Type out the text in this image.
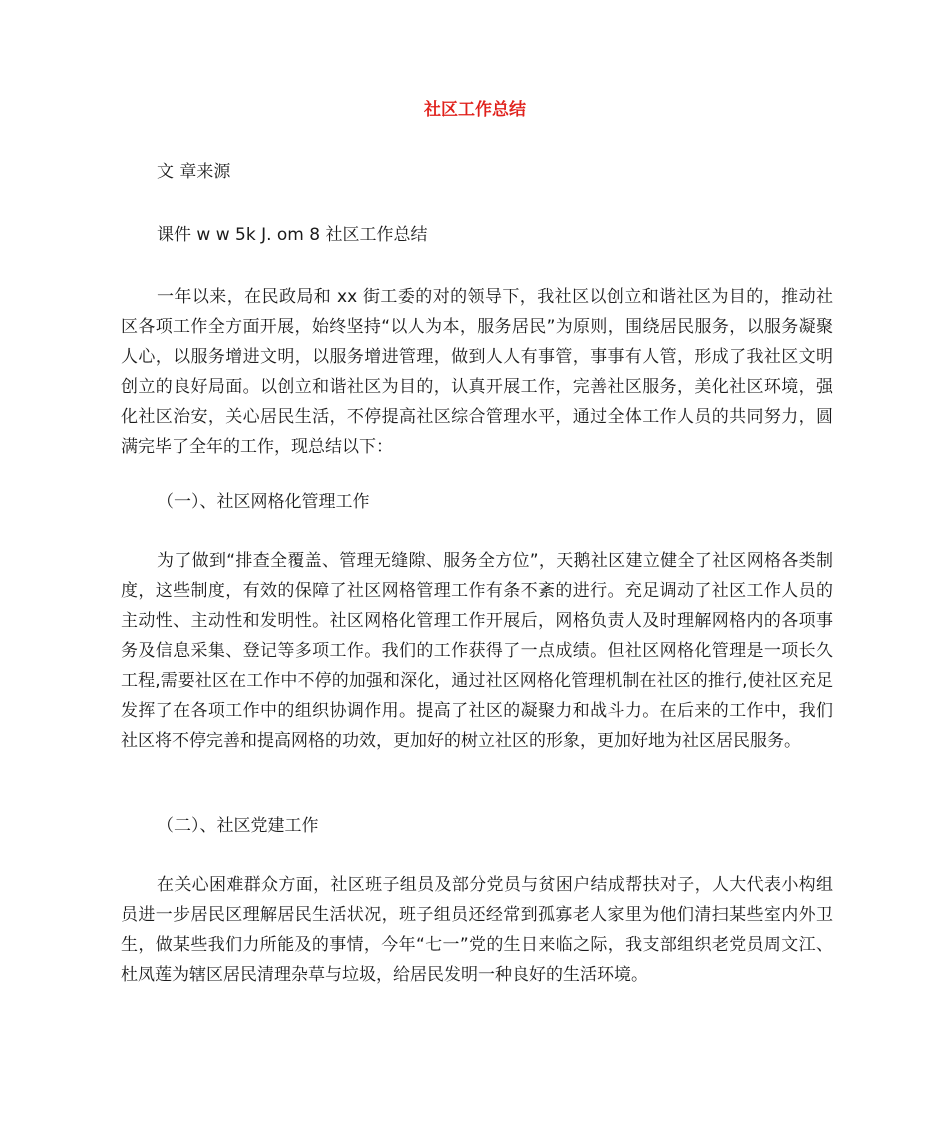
社区工作总结

文 章来源

课件 w w 5k J. om 8 社区工作总结

一年以来，在民政局和 xx 街工委的对的领导下，我社区以创立和谐社区为目的，推动社区各项工作全方面开展，始终坚持“以人为本，服务居民”为原则，围绕居民服务，以服务凝聚人心，以服务增进文明，以服务增进管理，做到人人有事管，事事有人管，形成了我社区文明创立的良好局面。以创立和谐社区为目的，认真开展工作，完善社区服务，美化社区环境，强化社区治安，关心居民生活，不停提高社区综合管理水平，通过全体工作人员的共同努力，圆满完毕了全年的工作，现总结以下：

（一）、社区网格化管理工作

为了做到“排查全覆盖、管理无缝隙、服务全方位”，天鹅社区建立健全了社区网格各类制度，这些制度，有效的保障了社区网格管理工作有条不紊的进行。充足调动了社区工作人员的主动性、主动性和发明性。社区网格化管理工作开展后，网格负责人及时理解网格内的各项事务及信息采集、登记等多项工作。我们的工作获得了一点成绩。但社区网格化管理是一项长久工程,需要社区在工作中不停的加强和深化，通过社区网格化管理机制在社区的推行,使社区充足发挥了在各项工作中的组织协调作用。提高了社区的凝聚力和战斗力。在后来的工作中，我们社区将不停完善和提高网格的功效，更加好的树立社区的形象，更加好地为社区居民服务。

（二）、社区党建工作

在关心困难群众方面，社区班子组员及部分党员与贫困户结成帮扶对子，人大代表小构组员进一步居民区理解居民生活状况，班子组员还经常到孤寡老人家里为他们清扫某些室内外卫生，做某些我们力所能及的事情，今年“七一”党的生日来临之际，我支部组织老党员周文江、杜凤莲为辖区居民清理杂草与垃圾，给居民发明一种良好的生活环境。
